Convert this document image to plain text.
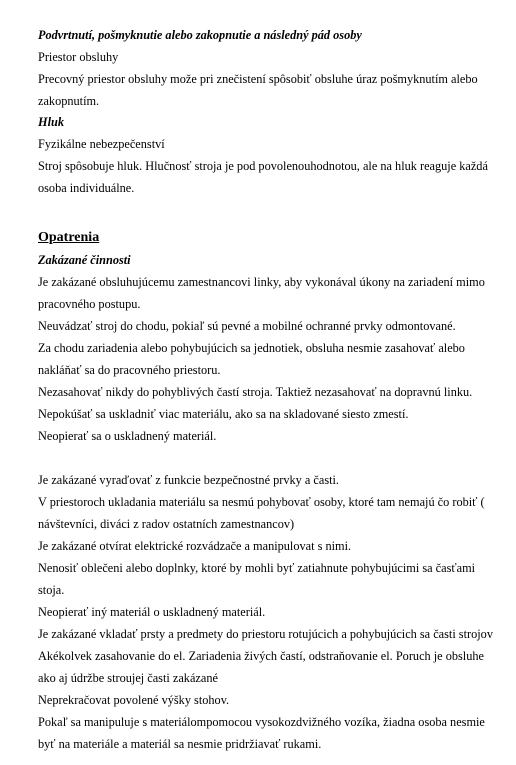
Podvrtnutí, pošmyknutie alebo zakopnutie a následný pád osoby
Priestor obsluhy
Precovný priestor obsluhy može pri znečistení spôsobiť obsluhe úraz pošmyknutím alebo
zakopnutím.
Hluk
Fyzikálne nebezpečenství
Stroj spôsobuje hluk. Hlučnosť stroja je pod povolenouhodnotou, ale na hluk reaguje každá
osoba individuálne.
Opatrenia
Zakázané činnosti
Je zakázané obsluhujúcemu zamestnancovi linky, aby vykonával úkony na zariadení mimo
pracovného postupu.
Neuvádzať stroj do chodu, pokiaľ sú pevné a mobilné ochranné prvky odmontované.
Za chodu zariadenia alebo pohybujúcich sa jednotiek, obsluha nesmie zasahovať alebo
nakláňať sa do pracovného priestoru.
Nezasahovať nikdy do pohyblivých častí stroja. Taktiež nezasahovať na dopravnú linku.
Nepokúšať sa uskladniť viac materiálu, ako sa na skladované siesto zmestí.
Neopierať sa o uskladnený materiál.
Je zakázané vyraďovať z funkcie bezpečnostné prvky a časti.
V priestoroch ukladania materiálu sa nesmú pohybovať osoby, ktoré tam nemajú čo robiť (
návštevníci, diváci z radov ostatních zamestnancov)
Je zakázané otvírat elektrické rozvádzače a manipulovat s nimi.
Nenosiť oblečeni alebo doplnky, ktoré by mohli byť zatiahnute pohybujúcimi sa časťami
stoja.
Neopierať iný materiál o uskladnený materiál.
Je zakázané vkladať prsty a predmety do priestoru rotujúcich a pohybujúcich sa časti strojov
Akékolvek zasahovanie do el. Zariadenia živých častí, odstraňovanie el. Poruch je obsluhe
ako aj údržbe stroujej časti zakázané
Neprekračovat povolené výšky stohov.
Pokaľ sa manipuluje s materiálompomocou vysokozdvižného vozíka, žiadna osoba nesmie
byť na materiále a materiál sa nesmie pridržiavať rukami.
